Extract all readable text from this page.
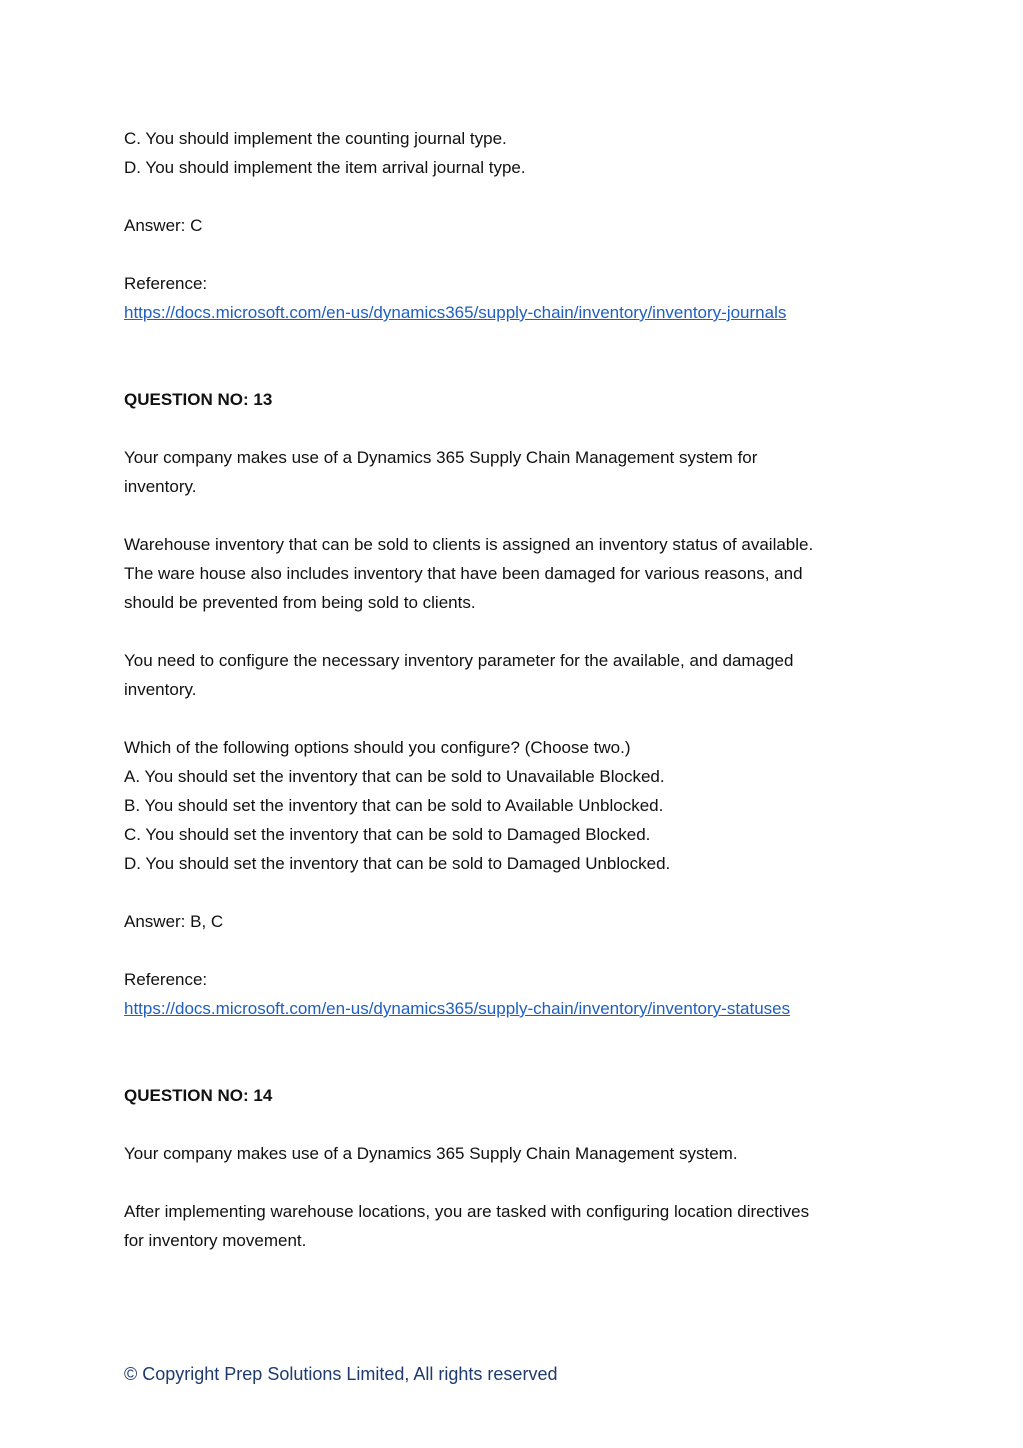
C. You should implement the counting journal type.
D. You should implement the item arrival journal type.
Answer: C
Reference:
https://docs.microsoft.com/en-us/dynamics365/supply-chain/inventory/inventory-journals
QUESTION NO: 13
Your company makes use of a Dynamics 365 Supply Chain Management system for
inventory.
Warehouse inventory that can be sold to clients is assigned an inventory status of available.
The ware house also includes inventory that have been damaged for various reasons, and
should be prevented from being sold to clients.
You need to configure the necessary inventory parameter for the available, and damaged
inventory.
Which of the following options should you configure? (Choose two.)
A. You should set the inventory that can be sold to Unavailable Blocked.
B. You should set the inventory that can be sold to Available Unblocked.
C. You should set the inventory that can be sold to Damaged Blocked.
D. You should set the inventory that can be sold to Damaged Unblocked.
Answer: B, C
Reference:
https://docs.microsoft.com/en-us/dynamics365/supply-chain/inventory/inventory-statuses
QUESTION NO: 14
Your company makes use of a Dynamics 365 Supply Chain Management system.
After implementing warehouse locations, you are tasked with configuring location directives
for inventory movement.
© Copyright Prep Solutions Limited, All rights reserved
